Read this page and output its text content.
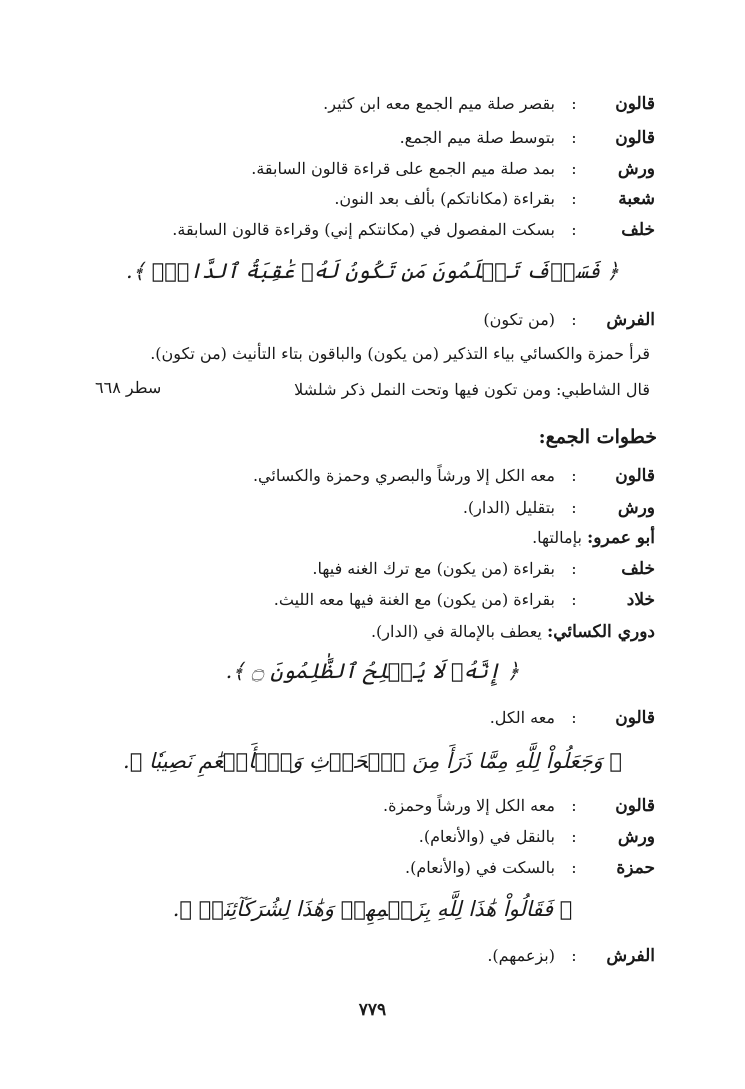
قالون:بقصر صلة ميم الجمع معه ابن كثير.
قالون:بتوسط صلة ميم الجمع.
ورش:بمد صلة ميم الجمع على قراءة قالون السابقة.
شعبة:بقراءة (مكاناتكم) بألف بعد النون.
خلف:بسكت المفصول في (مكانتكم إني) وقراءة قالون السابقة.
﴿ فَسَوۡفَ تَعۡلَمُونَ مَن تَكُونُ لَهُۥ عَٰقِبَةُ ٱلدَّارِۚ ﴾.
الفرش:(من تكون)
قرأ حمزة والكسائي بياء التذكير (من يكون) والباقون بتاء التأنيث (من تكون).
قال الشاطبي: ومن تكون فيها وتحت النمل ذكر شلشلا
سطر ٦٦٨
خطوات الجمع:
قالون:معه الكل إلا ورشاً والبصري وحمزة والكسائي.
ورش:بتقليل (الدار).
أبو عمرو: بإمالتها.
خلف:بقراءة (من يكون) مع ترك الغنه فيها.
خلاد:بقراءة (من يكون) مع الغنة فيها معه الليث.
دوري الكسائي: يعطف بالإمالة في (الدار).
﴿ إِنَّهُۥ لَا يُفۡلِحُ ٱلظَّٰلِمُونَ ۝ ﴾.
قالون:معه الكل.
﴿ وَجَعَلُواْ لِلَّهِ مِمَّا ذَرَأَ مِنَ ٱلۡحَرۡثِ وَٱلۡأَنۡعَٰمِ نَصِيبٗا ﴾.
قالون:معه الكل إلا ورشاً وحمزة.
ورش:بالنقل في (والأنعام).
حمزة:بالسكت في (والأنعام).
﴿ فَقَالُواْ هَٰذَا لِلَّهِ بِزَعۡمِهِمۡ وَهَٰذَا لِشُرَكَآئِنَاۖ ﴾.
الفرش:(بزعمهم).
٧٧٩
